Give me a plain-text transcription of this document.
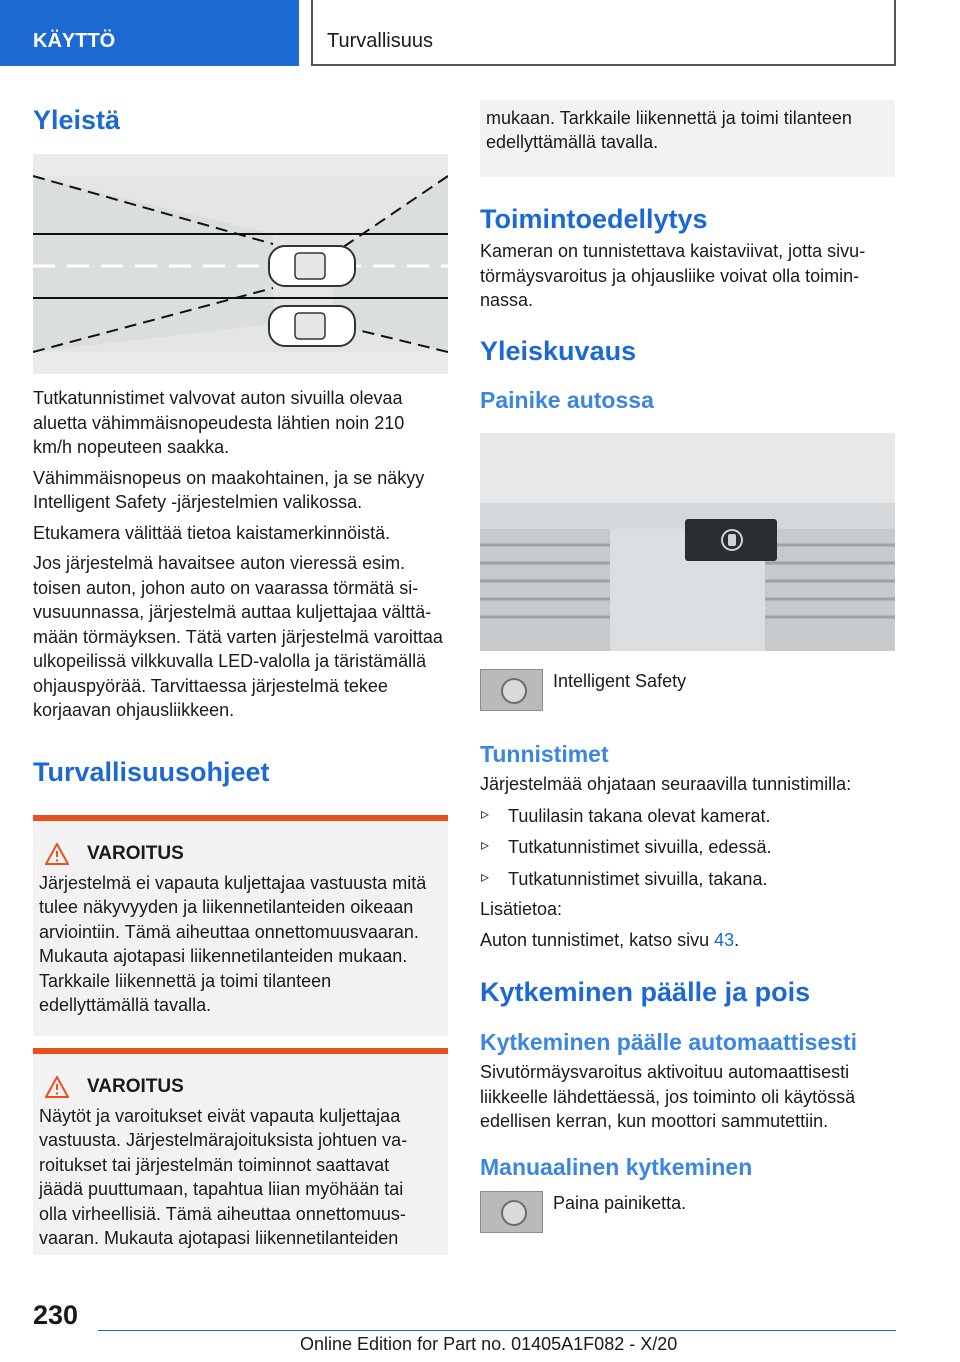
KÄYTTÖ	Turvallisuus
Yleistä

Tutkatunnistimet valvovat auton sivuilla olevaa aluetta vähimmäisnopeudesta lähtien noin 210 km/h nopeuteen saakka.

Vähimmäisnopeus on maakohtainen, ja se näkyy Intelligent Safety -järjestelmien valikossa.

Etukamera välittää tietoa kaistamerkinnöistä.

Jos järjestelmä havaitsee auton vieressä esim. toisen auton, johon auto on vaarassa törmätä sivusuunnassa, järjestelmä auttaa kuljettajaa välttämään törmäyksen. Tätä varten järjestelmä varoittaa ulkopeilissä vilkkuvalla LED-valolla ja täristämällä ohjauspyörää. Tarvittaessa järjestelmä tekee korjaavan ohjausliikkeen.

Turvallisuusohjeet
VAROITUS

Järjestelmä ei vapauta kuljettajaa vastuusta mitä tulee näkyvyyden ja liikennetilanteiden oikeaan arviointiin. Tämä aiheuttaa onnettomuusvaaran. Mukauta ajotapasi liikennetilanteiden mukaan. Tarkkaile liikennettä ja toimi tilanteen edellyttämällä tavalla.

VAROITUS

Näytöt ja varoitukset eivät vapauta kuljettajaa vastuusta. Järjestelmärajoituksista johtuen varoitukset tai järjestelmän toiminnot saattavat jäädä puuttumaan, tapahtua liian myöhään tai olla virheellisiä. Tämä aiheuttaa onnettomuusvaaran. Mukauta ajotapasi liikennetilanteiden

mukaan. Tarkkaile liikennettä ja toimi tilanteen edellyttämällä tavalla.

Toimintoedellytys

Kameran on tunnistettava kaistaviivat, jotta sivutörmäysvaroitus ja ohjausliike voivat olla toiminnassa.

Yleiskuvaus
Painike autossa
Intelligent Safety
Tunnistimet

Järjestelmää ohjataan seuraavilla tunnistimilla:

▹ Tuulilasin takana olevat kamerat.
▹ Tutkatunnistimet sivuilla, edessä.
▹ Tutkatunnistimet sivuilla, takana.

Lisätietoa:

Auton tunnistimet, katso sivu 43.

Kytkeminen päälle ja pois
Kytkeminen päälle automaattisesti

Sivutörmäysvaroitus aktivoituu automaattisesti liikkeelle lähdettäessä, jos toiminto oli käytössä edellisen kerran, kun moottori sammutettiin.

Manuaalinen kytkeminen
Paina painiketta.
230
Online Edition for Part no. 01405A1F082 - X/20
